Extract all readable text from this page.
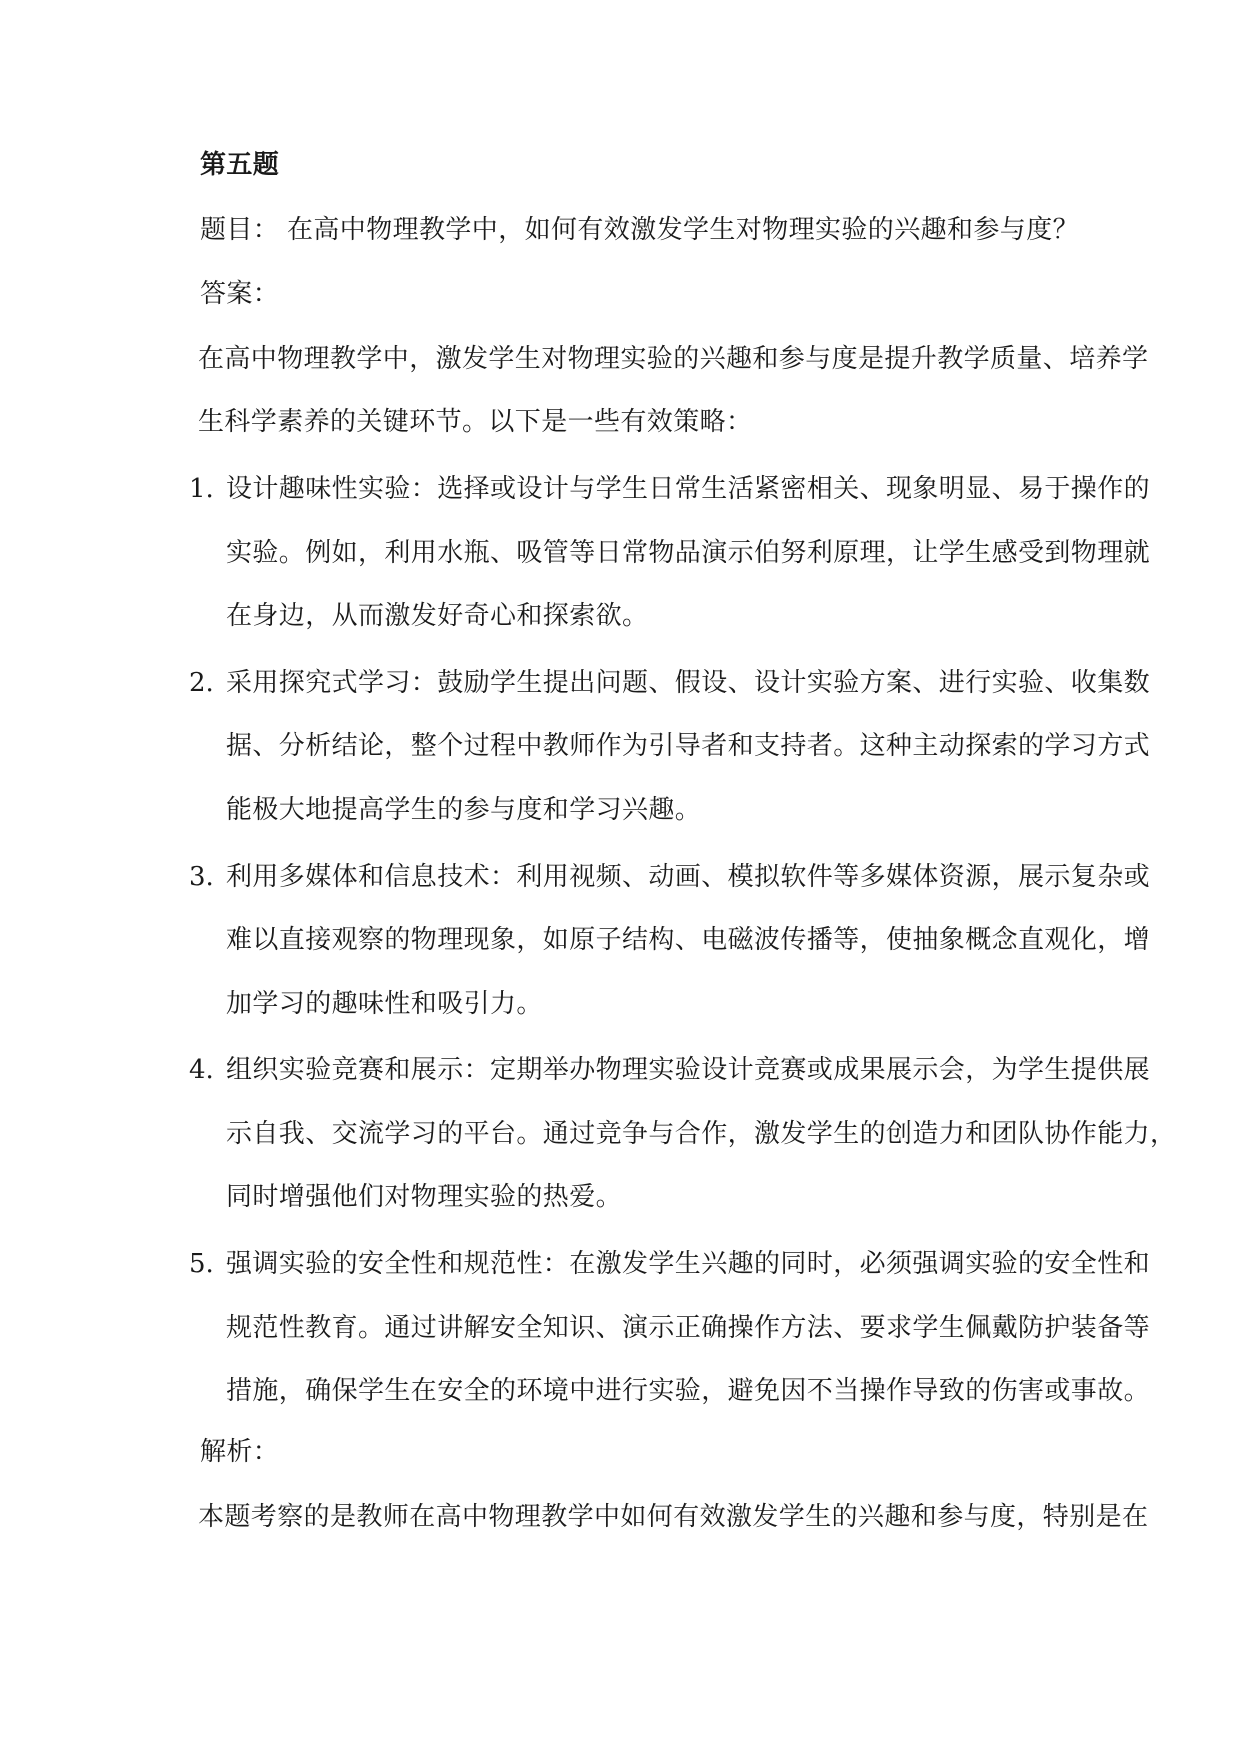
第五题
题目： 在高中物理教学中，如何有效激发学生对物理实验的兴趣和参与度？
答案：
在高中物理教学中，激发学生对物理实验的兴趣和参与度是提升教学质量、培养学
生科学素养的关键环节。以下是一些有效策略：
1. 设计趣味性实验：选择或设计与学生日常生活紧密相关、现象明显、易于操作的
实验。例如，利用水瓶、吸管等日常物品演示伯努利原理，让学生感受到物理就
在身边，从而激发好奇心和探索欲。
2. 采用探究式学习：鼓励学生提出问题、假设、设计实验方案、进行实验、收集数
据、分析结论，整个过程中教师作为引导者和支持者。这种主动探索的学习方式
能极大地提高学生的参与度和学习兴趣。
3. 利用多媒体和信息技术：利用视频、动画、模拟软件等多媒体资源，展示复杂或
难以直接观察的物理现象，如原子结构、电磁波传播等，使抽象概念直观化，增
加学习的趣味性和吸引力。
4. 组织实验竞赛和展示：定期举办物理实验设计竞赛或成果展示会，为学生提供展
示自我、交流学习的平台。通过竞争与合作，激发学生的创造力和团队协作能力，
同时增强他们对物理实验的热爱。
5. 强调实验的安全性和规范性：在激发学生兴趣的同时，必须强调实验的安全性和
规范性教育。通过讲解安全知识、演示正确操作方法、要求学生佩戴防护装备等
措施，确保学生在安全的环境中进行实验，避免因不当操作导致的伤害或事故。
解析：
本题考察的是教师在高中物理教学中如何有效激发学生的兴趣和参与度，特别是在
